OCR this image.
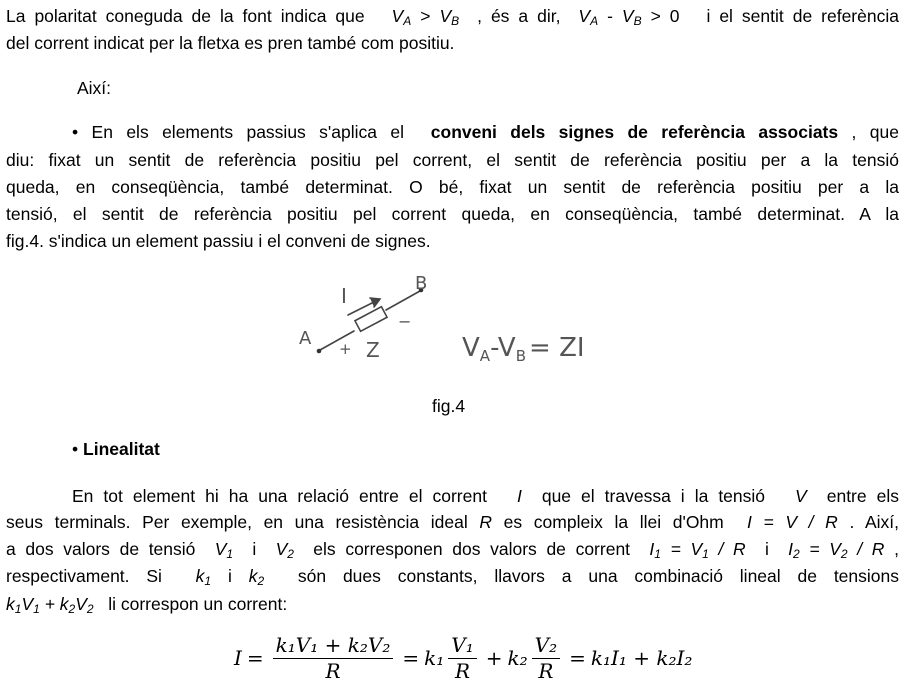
La polaritat coneguda de la font indica que $V_A > V_B$ , és a dir, $V_A - V_B > 0$ i el sentit de referència
del corrent indicat per la fletxa es pren també com positiu.
Així:
• En els elements passius s'aplica el conveni dels signes de referència associats , que
diu: fixat un sentit de referència positiu pel corrent, el sentit de referència positiu per a la tensió
queda, en conseqüència, també determinat. O bé, fixat un sentit de referència positiu per a la
tensió, el sentit de referència positiu pel corrent queda, en conseqüència, també determinat. A la
fig.4. s'indica un element passiu i el conveni de signes.
I
A
B
Z
+
−
VA-VB = ZI
fig.4
• Linealitat
En tot element hi ha una relació entre el corrent I que el travessa i la tensió V entre els
seus terminals. Per exemple, en una resistència ideal R es compleix la llei d'Ohm I = V / R . Així,
a dos valors de tensió $V_1$ i $V_2$ els corresponen dos valors de corrent $I_1 = V_1 / R$ i $I_2 = V_2 / R$ ,
respectivament. Si $k_1$ i $k_2$ són dues constants, llavors a una combinació lineal de tensions
$k_1V_1 + k_2V_2$ li correspon un corrent:
$I = \frac{\text{k₁V₁ + k₂V₂}}{R} = k_1 \frac{\text{V₁}}{R} + k_2 \frac{\text{V₂}}{R} = k_1I_1 + k_2I_2$
